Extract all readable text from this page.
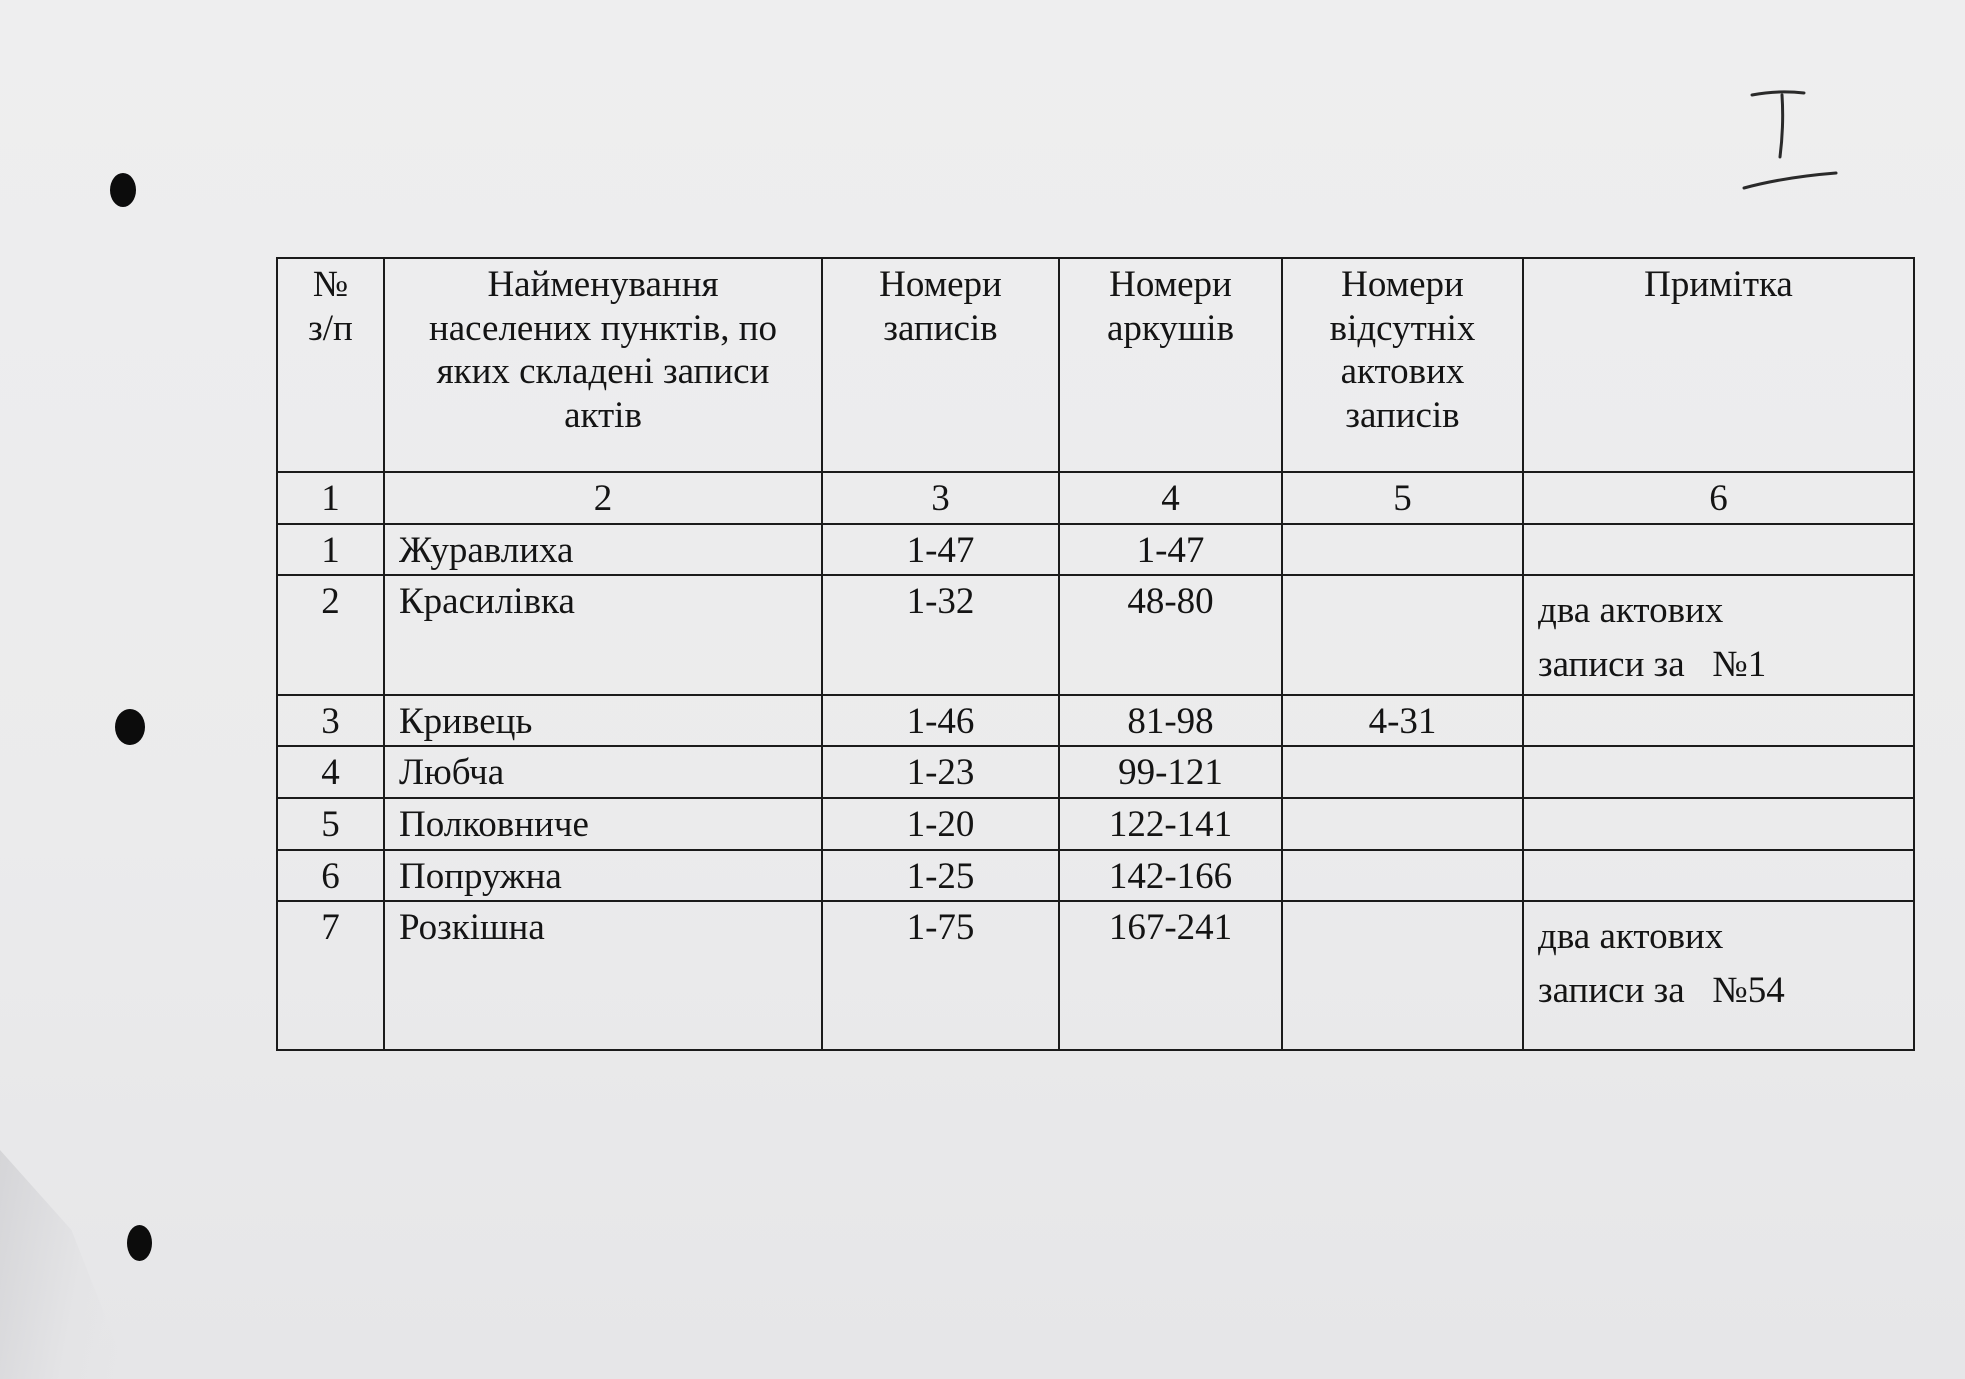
№ з/п	Найменування населених пунктів, по яких складені записи актів	Номери записів	Номери аркушів	Номери відсутніх актових записів	Примітка
1	2	3	4	5	6
1	Журавлиха	1-47	1-47		

2	Красилівка	1-32	48-80		два актових
записи за   №1

3	Кривець	1-46	81-98	4-31	

4	Любча	1-23	99-121		

5	Полковниче	1-20	122-141		

6	Попружна	1-25	142-166		

7	Розкішна	1-75	167-241		два актових
записи за   №54
